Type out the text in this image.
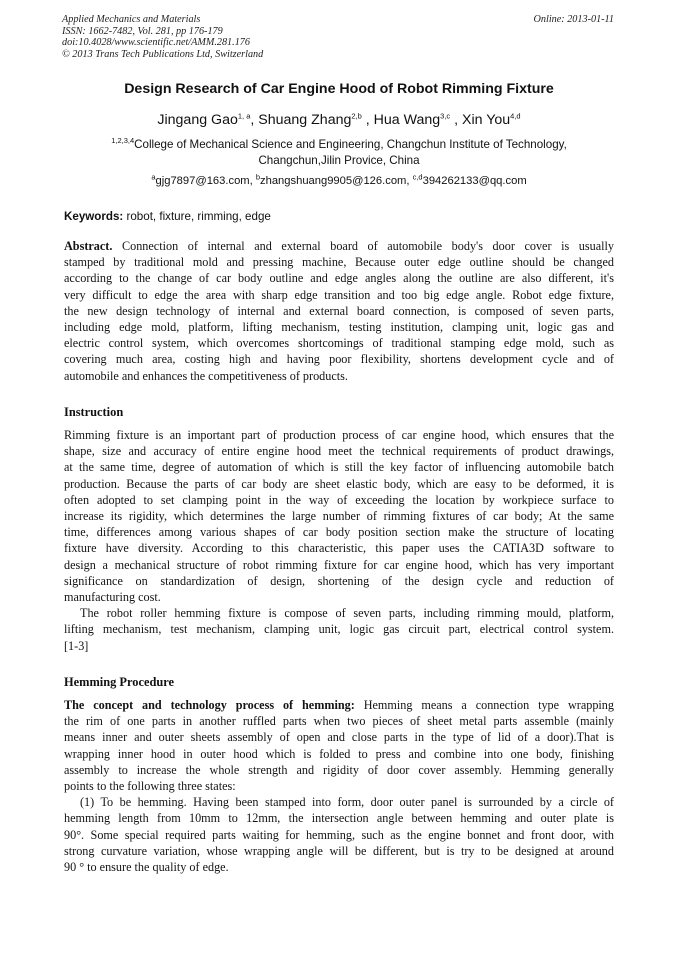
Applied Mechanics and Materials
ISSN: 1662-7482, Vol. 281, pp 176-179
doi:10.4028/www.scientific.net/AMM.281.176
© 2013 Trans Tech Publications Ltd, Switzerland
Online: 2013-01-11
Design Research of Car Engine Hood of Robot Rimming Fixture
Jingang Gao$^{1, a}$, Shuang Zhang$^{2,b}$ , Hua Wang$^{3,c}$ , Xin You$^{4,d}$
$^{1,2,3,4}$College of Mechanical Science and Engineering, Changchun Institute of Technology,
Changchun,Jilin Provice, China
$^a$gjg7897@163.com, $^b$zhangshuang9905@126.com, $^{c,d}$394262133@qq.com
Keywords: robot, fixture, rimming, edge
Abstract. Connection of internal and external board of automobile body's door cover is usually
stamped by traditional mold and pressing machine, Because outer edge outline should be changed
according to the change of car body outline and edge angles along the outline are also different, it's
very difficult to edge the area with sharp edge transition and too big edge angle. Robot edge fixture,
the new design technology of internal and external board connection, is composed of seven parts,
including edge mold, platform, lifting mechanism, testing institution, clamping unit, logic gas and
electric control system, which overcomes shortcomings of traditional stamping edge mold, such as
covering much area, costing high and having poor flexibility, shortens development cycle and of
automobile and enhances the competitiveness of products.
Instruction
Rimming fixture is an important part of production process of car engine hood, which ensures that the
shape, size and accuracy of entire engine hood meet the technical requirements of product drawings,
at the same time, degree of automation of which is still the key factor of influencing automobile batch
production. Because the parts of car body are sheet elastic body, which are easy to be deformed, it is
often adopted to set clamping point in the way of exceeding the location by workpiece surface to
increase its rigidity, which determines the large number of rimming fixtures of car body; At the same
time, differences among various shapes of car body position section make the structure of locating
fixture have diversity. According to this characteristic, this paper uses the CATIA3D software to
design a mechanical structure of robot rimming fixture for car engine hood, which has very important
significance on standardization of design, shortening of the design cycle and reduction of
manufacturing cost.
The robot roller hemming fixture is compose of seven parts, including rimming mould, platform,
lifting mechanism, test mechanism, clamping unit, logic gas circuit part, electrical control system.
[1-3]
Hemming Procedure
The concept and technology process of hemming: Hemming means a connection type wrapping
the rim of one parts in another ruffled parts when two pieces of sheet metal parts assemble (mainly
means inner and outer sheets assembly of open and close parts in the type of lid of a door).That is
wrapping inner hood in outer hood which is folded to press and combine into one body, finishing
assembly to increase the whole strength and rigidity of door cover assembly. Hemming generally
points to the following three states:
(1) To be hemming. Having been stamped into form, door outer panel is surrounded by a circle of
hemming length from 10mm to 12mm, the intersection angle between hemming and outer plate is
90°. Some special required parts waiting for hemming, such as the engine bonnet and front door, with
strong curvature variation, whose wrapping angle will be different, but is try to be designed at around
90 ° to ensure the quality of edge.
